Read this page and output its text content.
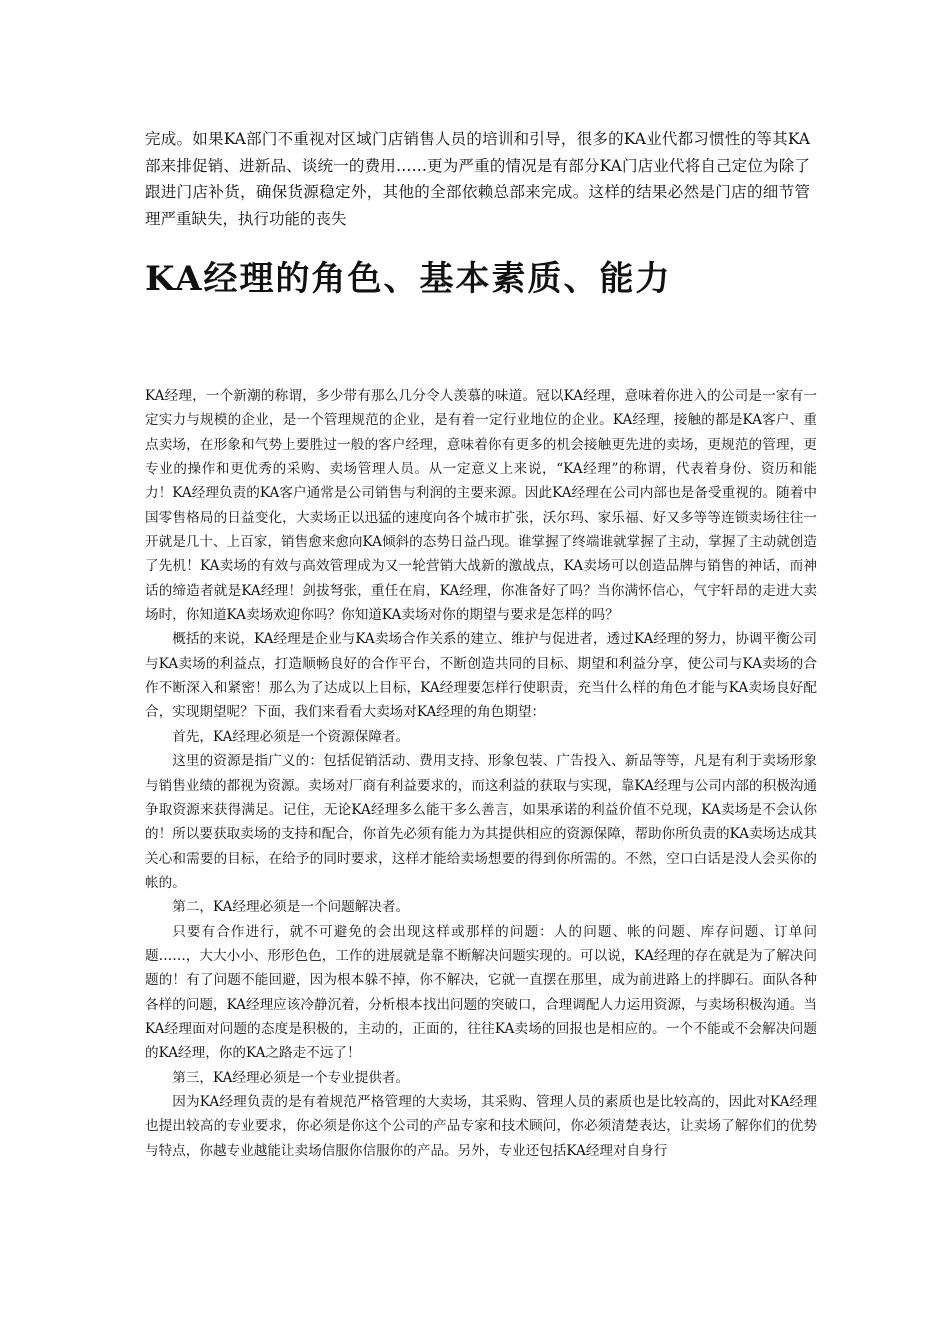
完成。如果KA部门不重视对区域门店销售人员的培训和引导，很多的KA业代都习惯性的等其KA部来排促销、进新品、谈统一的费用……更为严重的情况是有部分KA门店业代将自己定位为除了跟进门店补货，确保货源稳定外，其他的全部依赖总部来完成。这样的结果必然是门店的细节管理严重缺失，执行功能的丧失
KA经理的角色、基本素质、能力

KA经理，一个新潮的称谓，多少带有那么几分令人羡慕的味道。冠以KA经理，意味着你进入的公司是一家有一定实力与规模的企业，是一个管理规范的企业，是有着一定行业地位的企业。KA经理，接触的都是KA客户、重点卖场，在形象和气势上要胜过一般的客户经理，意味着你有更多的机会接触更先进的卖场，更规范的管理，更专业的操作和更优秀的采购、卖场管理人员。从一定意义上来说，“KA经理”的称谓，代表着身份、资历和能力！KA经理负责的KA客户通常是公司销售与利润的主要来源。因此KA经理在公司内部也是备受重视的。随着中国零售格局的日益变化，大卖场正以迅猛的速度向各个城市扩张，沃尔玛、家乐福、好又多等等连锁卖场往往一开就是几十、上百家，销售愈来愈向KA倾斜的态势日益凸现。谁掌握了终端谁就掌握了主动，掌握了主动就创造了先机！KA卖场的有效与高效管理成为又一轮营销大战新的激战点，KA卖场可以创造品牌与销售的神话，而神话的缔造者就是KA经理！剑拔弩张，重任在肩，KA经理，你准备好了吗？当你满怀信心，气宇轩昂的走进大卖场时，你知道KA卖场欢迎你吗？你知道KA卖场对你的期望与要求是怎样的吗？

概括的来说，KA经理是企业与KA卖场合作关系的建立、维护与促进者，透过KA经理的努力，协调平衡公司与KA卖场的利益点，打造顺畅良好的合作平台，不断创造共同的目标、期望和利益分享，使公司与KA卖场的合作不断深入和紧密！那么为了达成以上目标，KA经理要怎样行使职责，充当什么样的角色才能与KA卖场良好配合，实现期望呢？下面，我们来看看大卖场对KA经理的角色期望：

首先，KA经理必须是一个资源保障者。

这里的资源是指广义的：包括促销活动、费用支持、形象包装、广告投入、新品等等，凡是有利于卖场形象与销售业绩的都视为资源。卖场对厂商有利益要求的，而这利益的获取与实现，靠KA经理与公司内部的积极沟通争取资源来获得满足。记住，无论KA经理多么能干多么善言，如果承诺的利益价值不兑现，KA卖场是不会认你的！所以要获取卖场的支持和配合，你首先必须有能力为其提供相应的资源保障，帮助你所负责的KA卖场达成其关心和需要的目标，在给予的同时要求，这样才能给卖场想要的得到你所需的。不然，空口白话是没人会买你的帐的。

第二，KA经理必须是一个问题解决者。

只要有合作进行，就不可避免的会出现这样或那样的问题：人的问题、帐的问题、库存问题、订单问题……，大大小小、形形色色，工作的进展就是靠不断解决问题实现的。可以说，KA经理的存在就是为了解决问题的！有了问题不能回避，因为根本躲不掉，你不解决，它就一直摆在那里，成为前进路上的拌脚石。面队各种各样的问题，KA经理应该冷静沉着，分析根本找出问题的突破口，合理调配人力运用资源，与卖场积极沟通。当KA经理面对问题的态度是积极的，主动的，正面的，往往KA卖场的回报也是相应的。一个不能或不会解决问题的KA经理，你的KA之路走不远了！

第三，KA经理必须是一个专业提供者。

因为KA经理负责的是有着规范严格管理的大卖场，其采购、管理人员的素质也是比较高的，因此对KA经理也提出较高的专业要求，你必须是你这个公司的产品专家和技术顾问，你必须清楚表达，让卖场了解你们的优势与特点，你越专业越能让卖场信服你信服你的产品。另外，专业还包括KA经理对自身行
